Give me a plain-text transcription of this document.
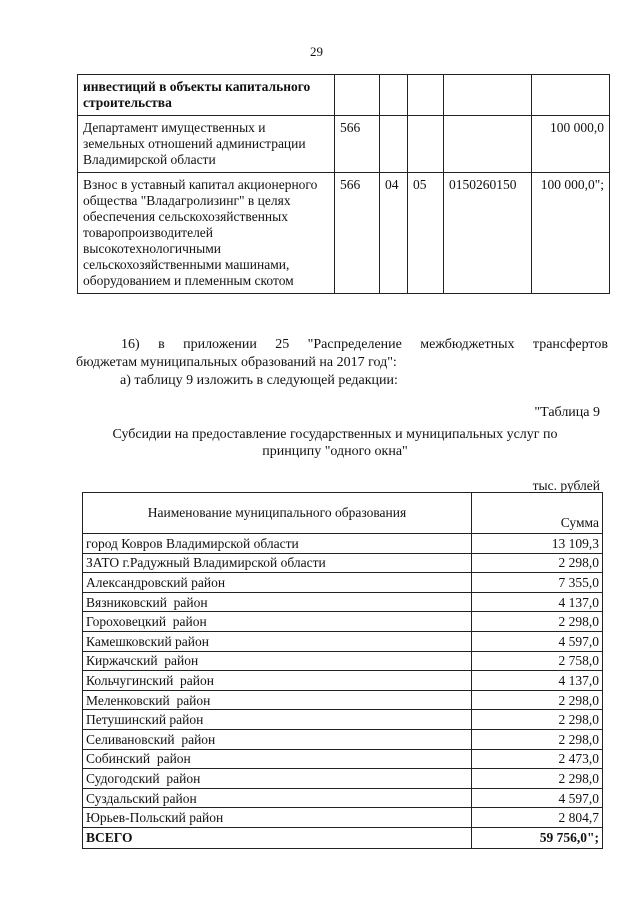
29
инвестиций в объекты капитального строительства					
Департамент имущественных и земельных отношений администрации Владимирской области	566				100 000,0
Взнос в уставный капитал акционерного общества "Владагролизинг" в целях обеспечения сельскохозяйственных товаропроизводителей высокотехнологичными сельскохозяйственными машинами, оборудованием и племенным скотом	566	04	05	0150260150	100 000,0";
16) в приложении 25 "Распределение межбюджетных трансфертов
бюджетам муниципальных образований на 2017 год":
а) таблицу 9 изложить в следующей редакции:
"Таблица 9
Субсидии на предоставление государственных и муниципальных услуг по принципу "одного окна"
тыс. рублей
Наименование муниципального образования	Сумма
город Ковров Владимирской области	13 109,3
ЗАТО г.Радужный Владимирской области	2 298,0
Александровский район	7 355,0
Вязниковский  район	4 137,0
Гороховецкий  район	2 298,0
Камешковский район	4 597,0
Киржачский  район	2 758,0
Кольчугинский  район	4 137,0
Меленковский  район	2 298,0
Петушинский район	2 298,0
Селивановский  район	2 298,0
Собинский  район	2 473,0
Судогодский  район	2 298,0
Суздальский район	4 597,0
Юрьев-Польский район	2 804,7
ВСЕГО	59 756,0";
